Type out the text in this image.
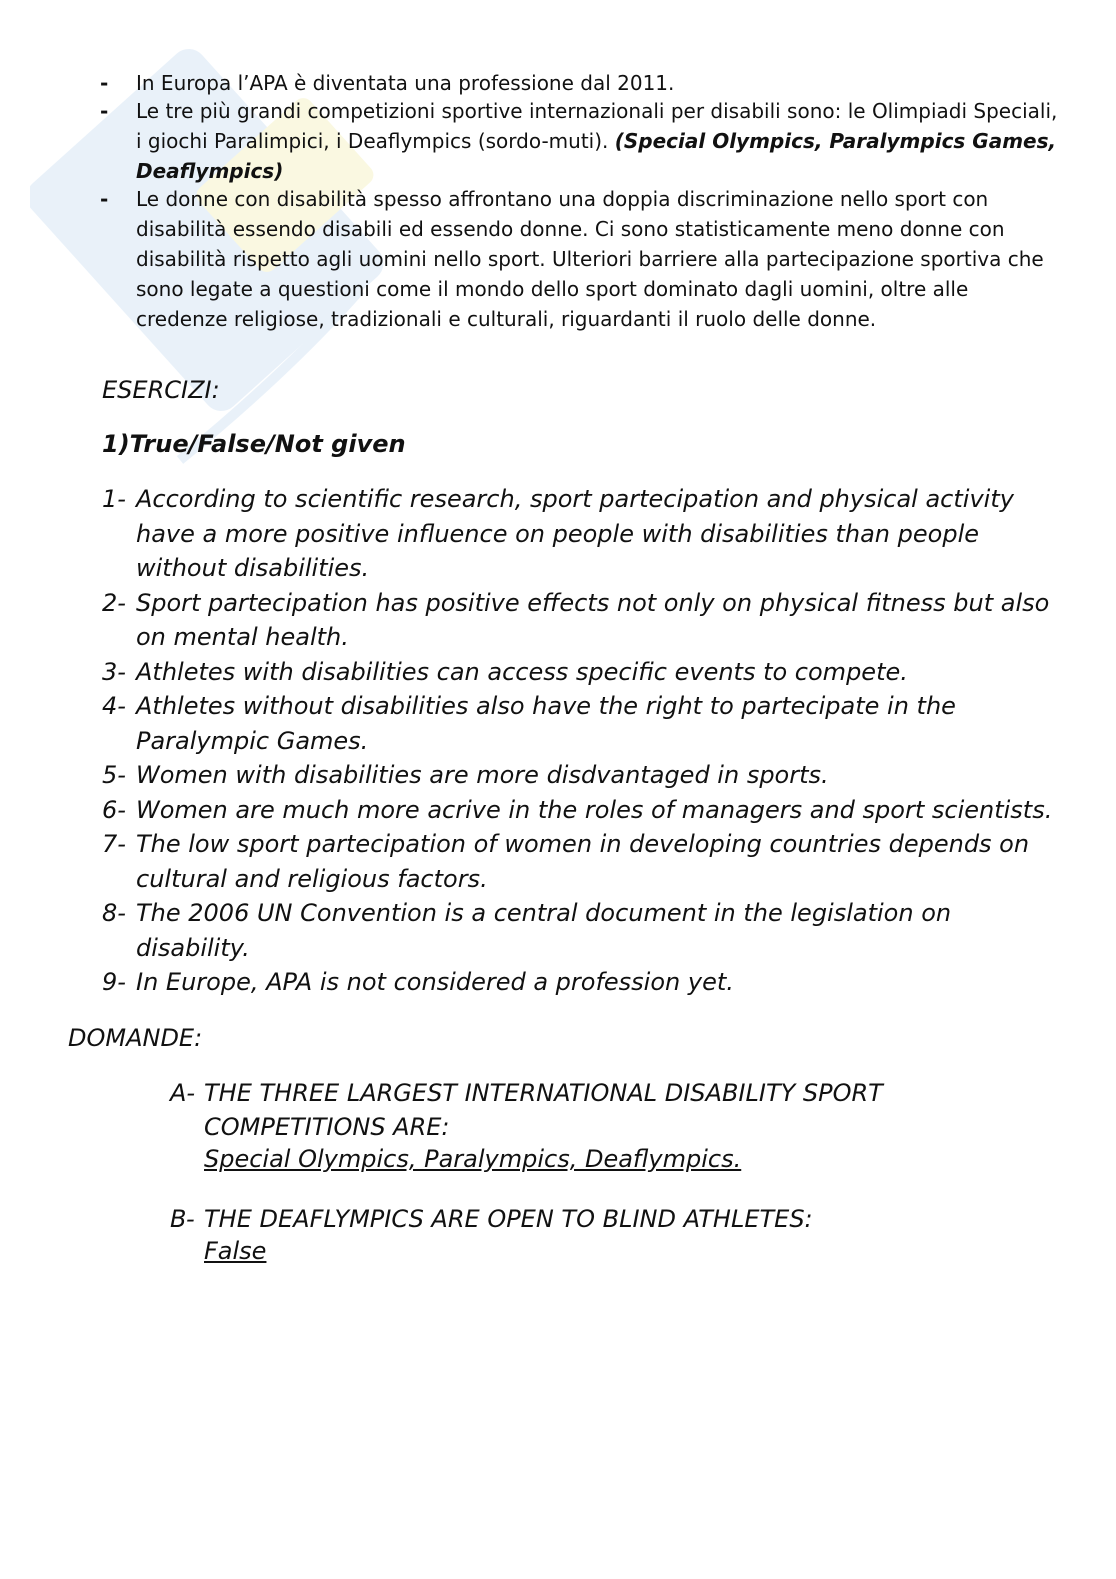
- In Europa l’APA è diventata una professione dal 2011.
- Le tre più grandi competizioni sportive internazionali per disabili sono: le Olimpiadi Speciali, i giochi Paralimpici, i Deaflympics (sordo-muti). (Special Olympics, Paralympics Games, Deaflympics)
- Le donne con disabilità spesso affrontano una doppia discriminazione nello sport con disabilità essendo disabili ed essendo donne. Ci sono statisticamente meno donne con disabilità rispetto agli uomini nello sport. Ulteriori barriere alla partecipazione sportiva che sono legate a questioni come il mondo dello sport dominato dagli uomini, oltre alle credenze religiose, tradizionali e culturali, riguardanti il ruolo delle donne.
ESERCIZI:
1)True/False/Not given
1- According to scientific research, sport partecipation and physical activity have a more positive influence on people with disabilities than people without disabilities.
2- Sport partecipation has positive effects not only on physical fitness but also on mental health.
3- Athletes with disabilities can access specific events to compete.
4- Athletes without disabilities also have the right to partecipate in the Paralympic Games.
5- Women with disabilities are more disdvantaged in sports.
6- Women are much more acrive in the roles of managers and sport scientists.
7- The low sport partecipation of women in developing countries depends on cultural and religious factors.
8- The 2006 UN Convention is a central document in the legislation on disability.
9- In Europe, APA is not considered a profession yet.
DOMANDE:
A- THE THREE LARGEST INTERNATIONAL DISABILITY SPORT COMPETITIONS ARE:
Special Olympics, Paralympics, Deaflympics.
B- THE DEAFLYMPICS ARE OPEN TO BLIND ATHLETES:
False
